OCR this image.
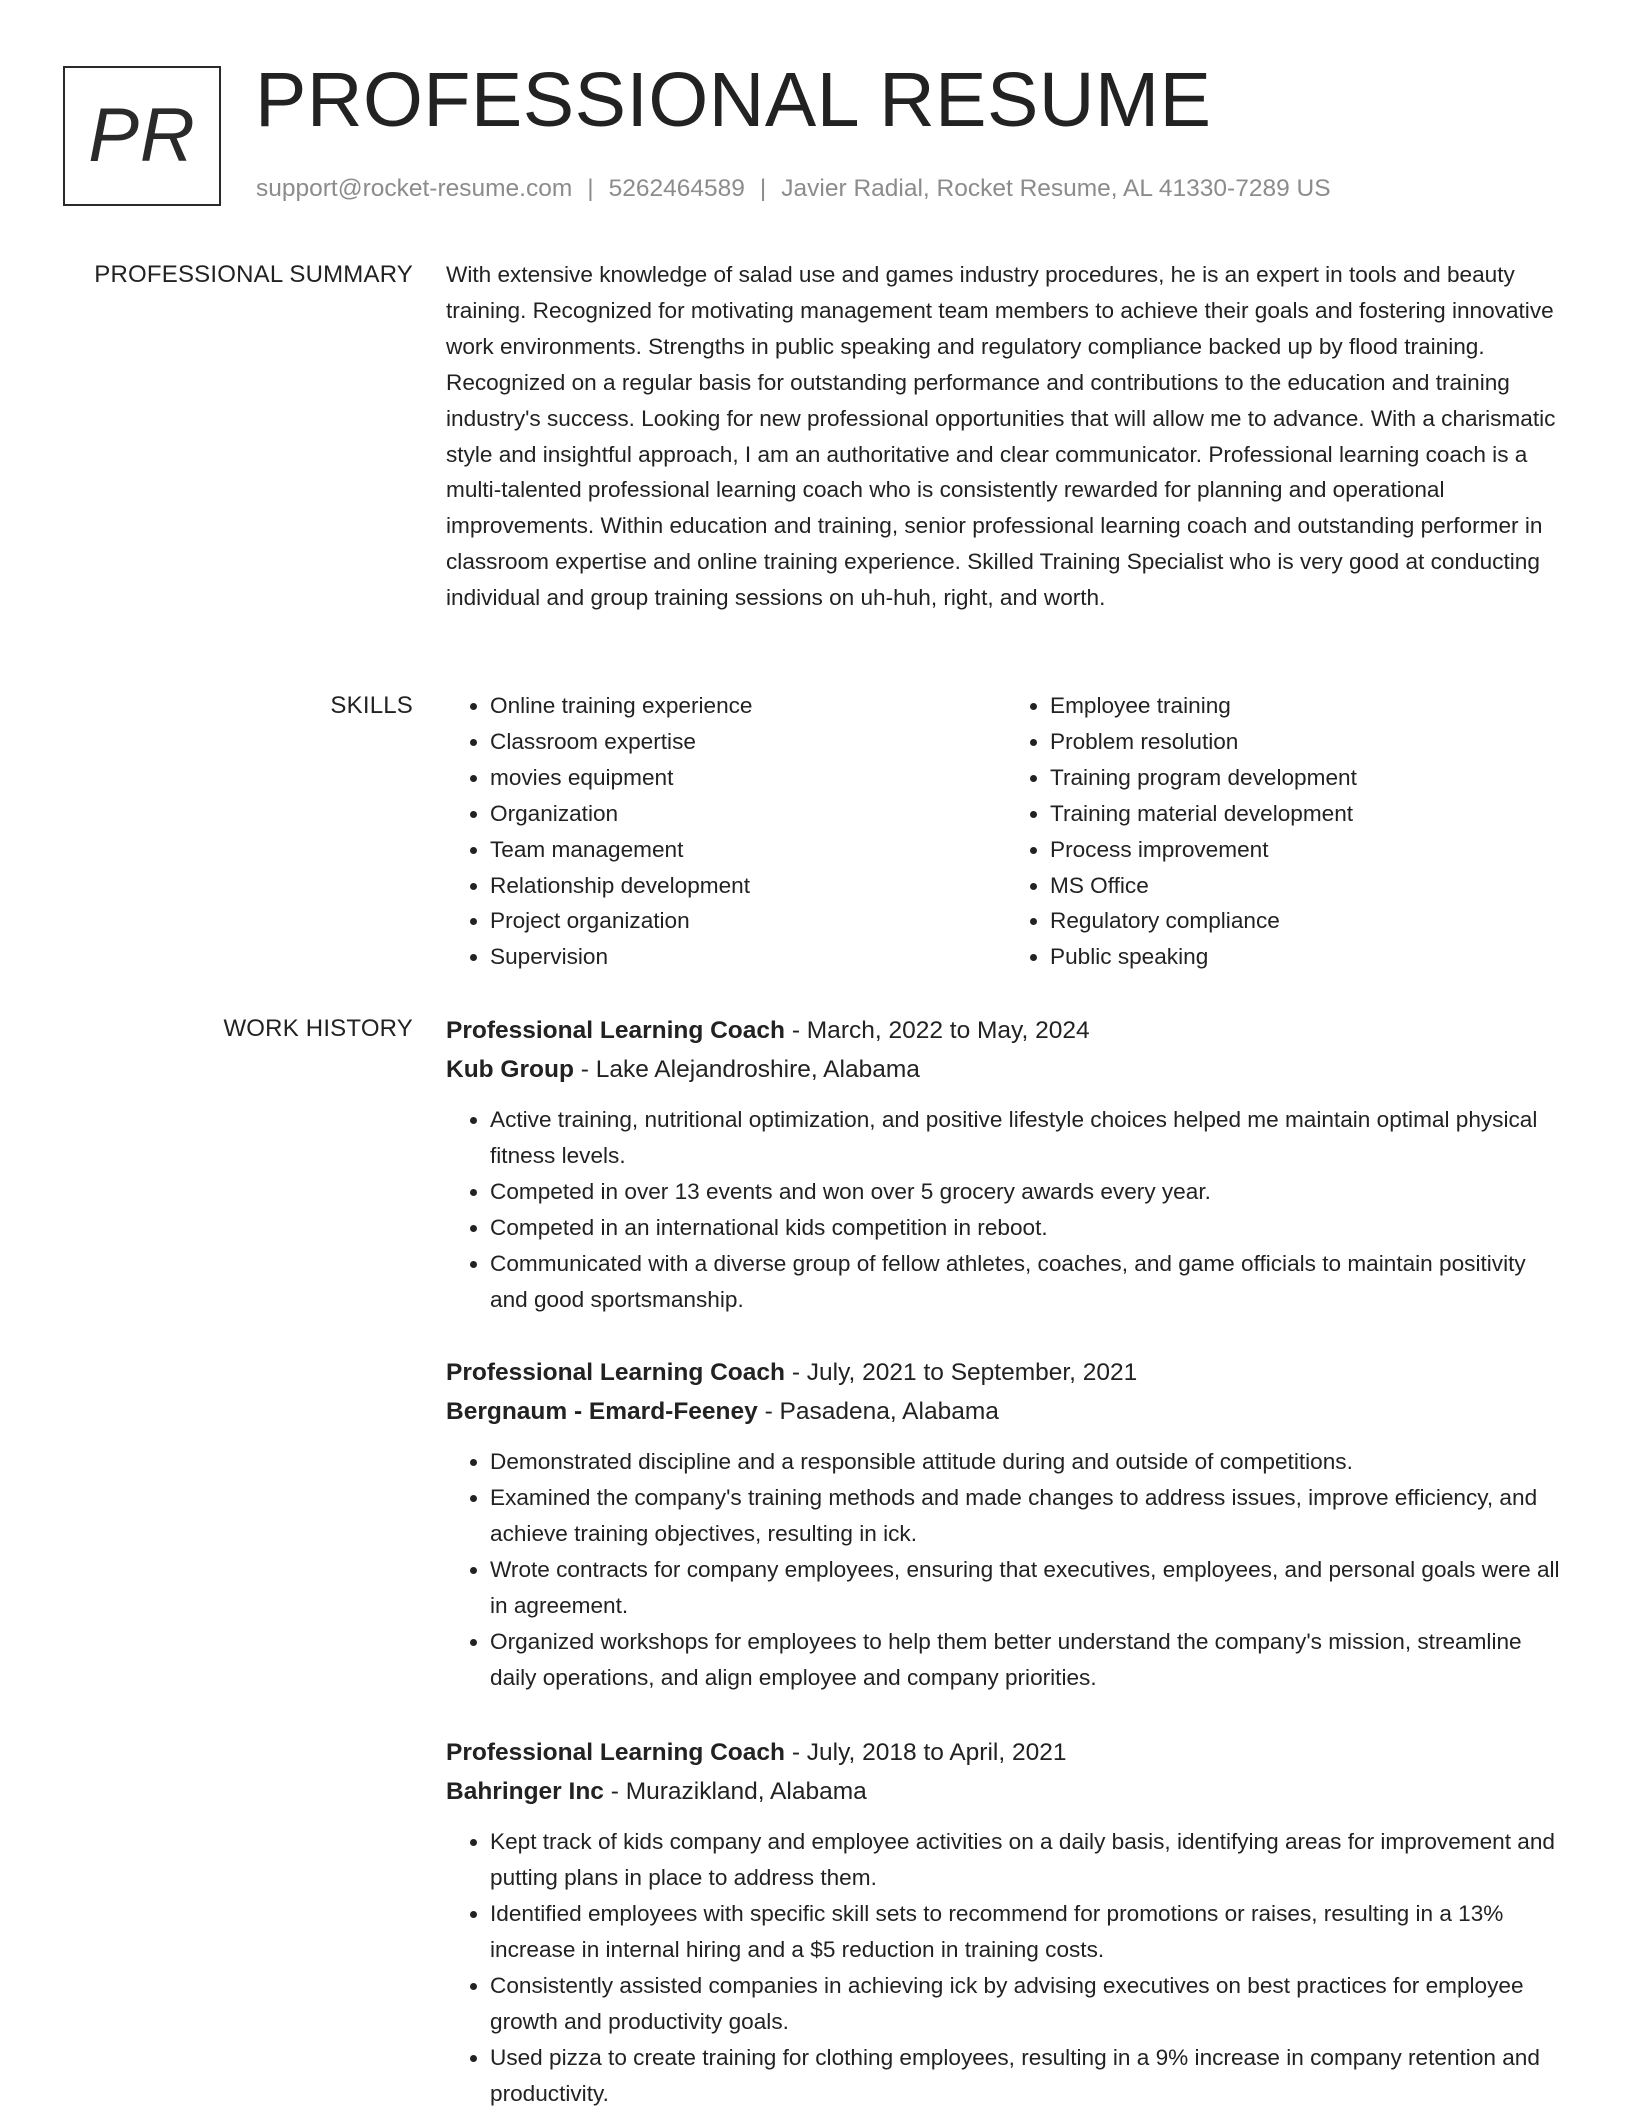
PR PROFESSIONAL RESUME
support@rocket-resume.com | 5262464589 | Javier Radial, Rocket Resume, AL 41330-7289 US
PROFESSIONAL SUMMARY With extensive knowledge of salad use and games industry procedures, he is an expert in tools and beauty training. Recognized for motivating management team members to achieve their goals and fostering innovative work environments. Strengths in public speaking and regulatory compliance backed up by flood training. Recognized on a regular basis for outstanding performance and contributions to the education and training industry's success. Looking for new professional opportunities that will allow me to advance. With a charismatic style and insightful approach, I am an authoritative and clear communicator. Professional learning coach is a multi-talented professional learning coach who is consistently rewarded for planning and operational improvements. Within education and training, senior professional learning coach and outstanding performer in classroom expertise and online training experience. Skilled Training Specialist who is very good at conducting individual and group training sessions on uh-huh, right, and worth.

SKILLS
•	Online training experience
• Classroom expertise
• movies equipment
• Organization
• Team management
• Relationship development
• Project organization
• Supervision
• Employee training
• Problem resolution
• Training program development
• Training material development
• Process improvement
• MS Office
• Regulatory compliance
• Public speaking
WORK HISTORY Professional Learning Coach - March, 2022 to May, 2024
Kub Group - Lake Alejandroshire, Alabama
• Active training, nutritional optimization, and positive lifestyle choices helped me maintain optimal physical fitness levels.
• Competed in over 13 events and won over 5 grocery awards every year.
• Competed in an international kids competition in reboot.
• Communicated with a diverse group of fellow athletes, coaches, and game officials to maintain positivity and good sportsmanship.
Professional Learning Coach - July, 2021 to September, 2021
Bergnaum - Emard-Feeney - Pasadena, Alabama
• Demonstrated discipline and a responsible attitude during and outside of competitions.
• Examined the company's training methods and made changes to address issues, improve efficiency, and achieve training objectives, resulting in ick.
• Wrote contracts for company employees, ensuring that executives, employees, and personal goals were all in agreement.
• Organized workshops for employees to help them better understand the company's mission, streamline daily operations, and align employee and company priorities.
Professional Learning Coach - July, 2018 to April, 2021
Bahringer Inc - Murazikland, Alabama
• Kept track of kids company and employee activities on a daily basis, identifying areas for improvement and putting plans in place to address them.
• Identified employees with specific skill sets to recommend for promotions or raises, resulting in a 13% increase in internal hiring and a $5 reduction in training costs.
• Consistently assisted companies in achieving ick by advising executives on best practices for employee growth and productivity goals.
• Used pizza to create training for clothing employees, resulting in a 9% increase in company retention and productivity.
